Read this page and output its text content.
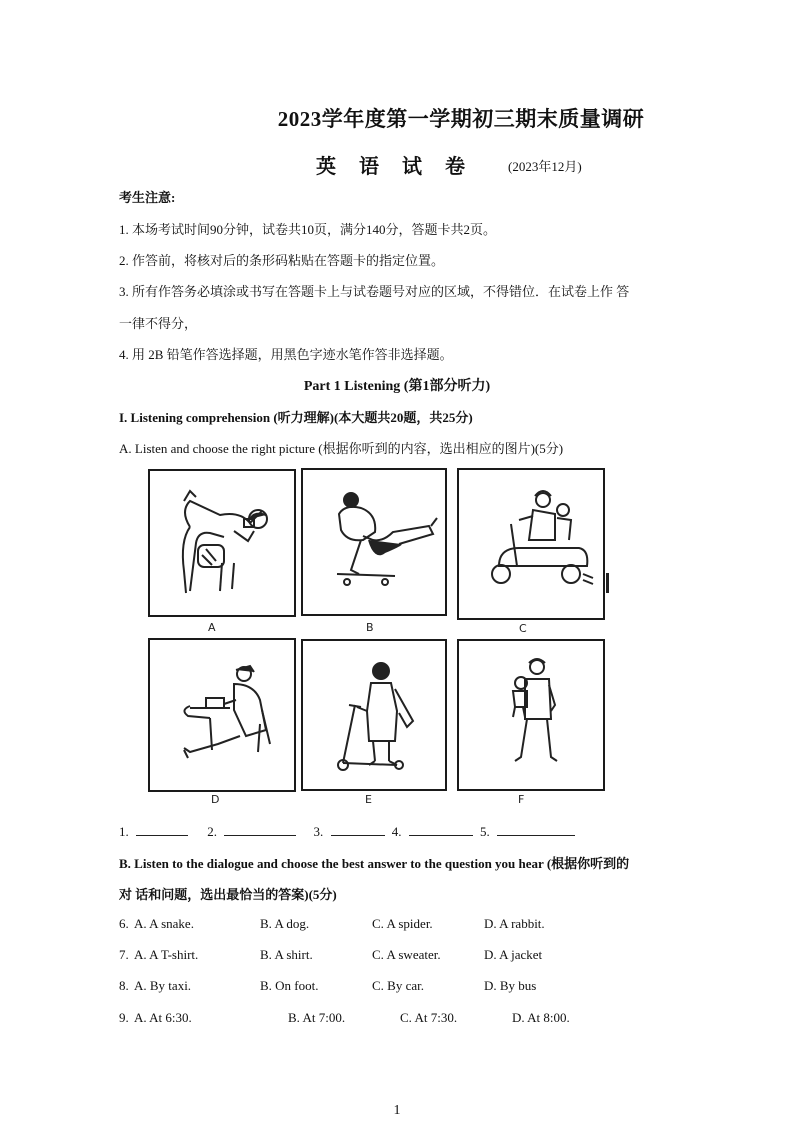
2023学年度第一学期初三期末质量调研
英 语 试 卷	(2023年12月)
考生注意:
1. 本场考试时间90分钟，试卷共10页，满分140分，答题卡共2页。
2. 作答前，将核对后的条形码粘贴在答题卡的指定位置。
3. 所有作答务必填涂或书写在答题卡上与试卷题号对应的区域，不得错位．在试卷上作 答
一律不得分，
4. 用 2B 铅笔作答选择题，用黑色字迹水笔作答非选择题。
Part 1 Listening (第1部分听力)
I. Listening comprehension (听力理解)(本大题共20题，共25分)
A. Listen and choose the right picture (根据你听到的内容，选出相应的图片)(5分)
A	B	C
D	E	F
1.	2.	3.	4.	5.
B. Listen to the dialogue and choose the best answer to the question you hear (根据你听到的
对 话和问题，选出最恰当的答案)(5分)
6. A. A snake.	B. A dog.	C. A spider.	D. A rabbit.
7. A. A T-shirt.	B. A shirt.	C. A sweater.	D. A jacket
8. A. By taxi.	B. On foot.	C. By car.	D. By bus
9. A. At 6:30.	B. At 7:00.	C. At 7:30.	D. At 8:00.
1
